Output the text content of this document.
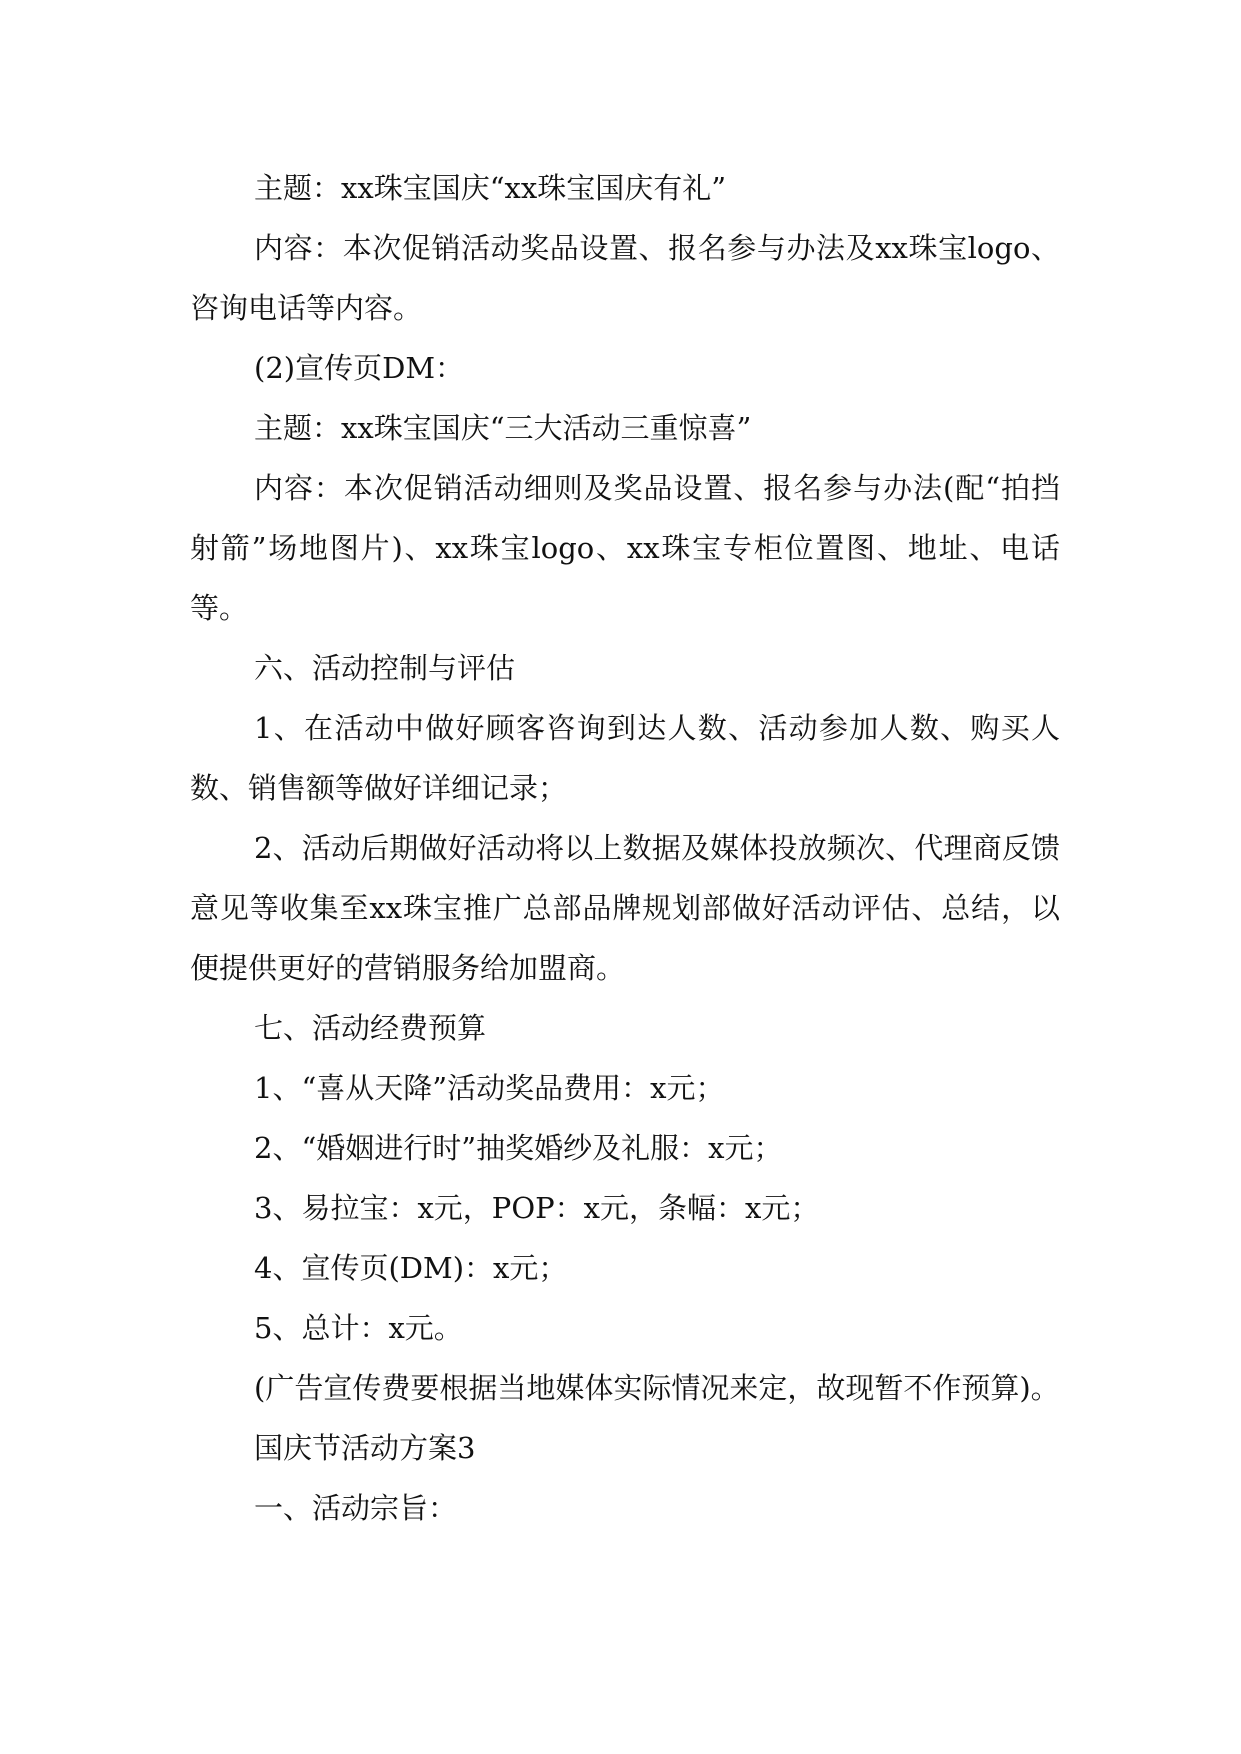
主题：xx珠宝国庆“xx珠宝国庆有礼”

内容：本次促销活动奖品设置、报名参与办法及xx珠宝logo、咨询电话等内容。

(2)宣传页DM：

主题：xx珠宝国庆“三大活动三重惊喜”

内容：本次促销活动细则及奖品设置、报名参与办法(配“拍挡射箭”场地图片)、xx珠宝logo、xx珠宝专柜位置图、地址、电话等。

六、活动控制与评估

1、在活动中做好顾客咨询到达人数、活动参加人数、购买人数、销售额等做好详细记录；

2、活动后期做好活动将以上数据及媒体投放频次、代理商反馈意见等收集至xx珠宝推广总部品牌规划部做好活动评估、总结，以便提供更好的营销服务给加盟商。

七、活动经费预算

1、“喜从天降”活动奖品费用：x元；

2、“婚姻进行时”抽奖婚纱及礼服：x元；

3、易拉宝：x元，POP：x元，条幅：x元；

4、宣传页(DM)：x元；

5、总计：x元。

(广告宣传费要根据当地媒体实际情况来定，故现暂不作预算)。

国庆节活动方案3

一、活动宗旨：
